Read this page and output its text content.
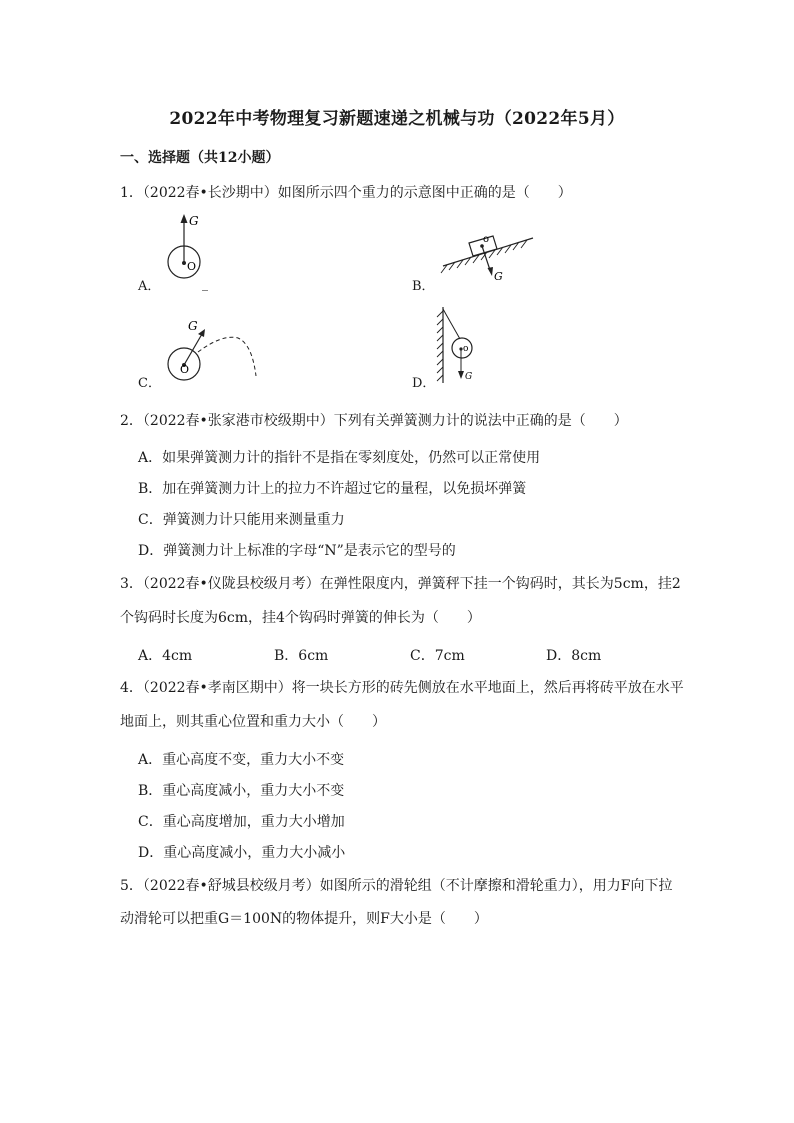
2022年中考物理复习新题速递之机械与功（2022年5月）
一、选择题（共12小题）
1．（2022春•长沙期中）如图所示四个重力的示意图中正确的是（　　）
G
O
_
A．
o
G
B．
G
O
C．
o
G
D．
2．（2022春•张家港市校级期中）下列有关弹簧测力计的说法中正确的是（　　）
A．如果弹簧测力计的指针不是指在零刻度处，仍然可以正常使用
B．加在弹簧测力计上的拉力不许超过它的量程，以免损坏弹簧
C．弹簧测力计只能用来测量重力
D．弹簧测力计上标准的字母“N”是表示它的型号的
3．（2022春•仪陇县校级月考）在弹性限度内，弹簧秤下挂一个钩码时，其长为5cm，挂2
个钩码时长度为6cm，挂4个钩码时弹簧的伸长为（　　）
A．4cm	B．6cm	C．7cm	D．8cm
4．（2022春•孝南区期中）将一块长方形的砖先侧放在水平地面上，然后再将砖平放在水平
地面上，则其重心位置和重力大小（　　）
A．重心高度不变，重力大小不变
B．重心高度减小，重力大小不变
C．重心高度增加，重力大小增加
D．重心高度减小，重力大小减小
5．（2022春•舒城县校级月考）如图所示的滑轮组（不计摩擦和滑轮重力），用力F向下拉
动滑轮可以把重G＝100N的物体提升，则F大小是（　　）
